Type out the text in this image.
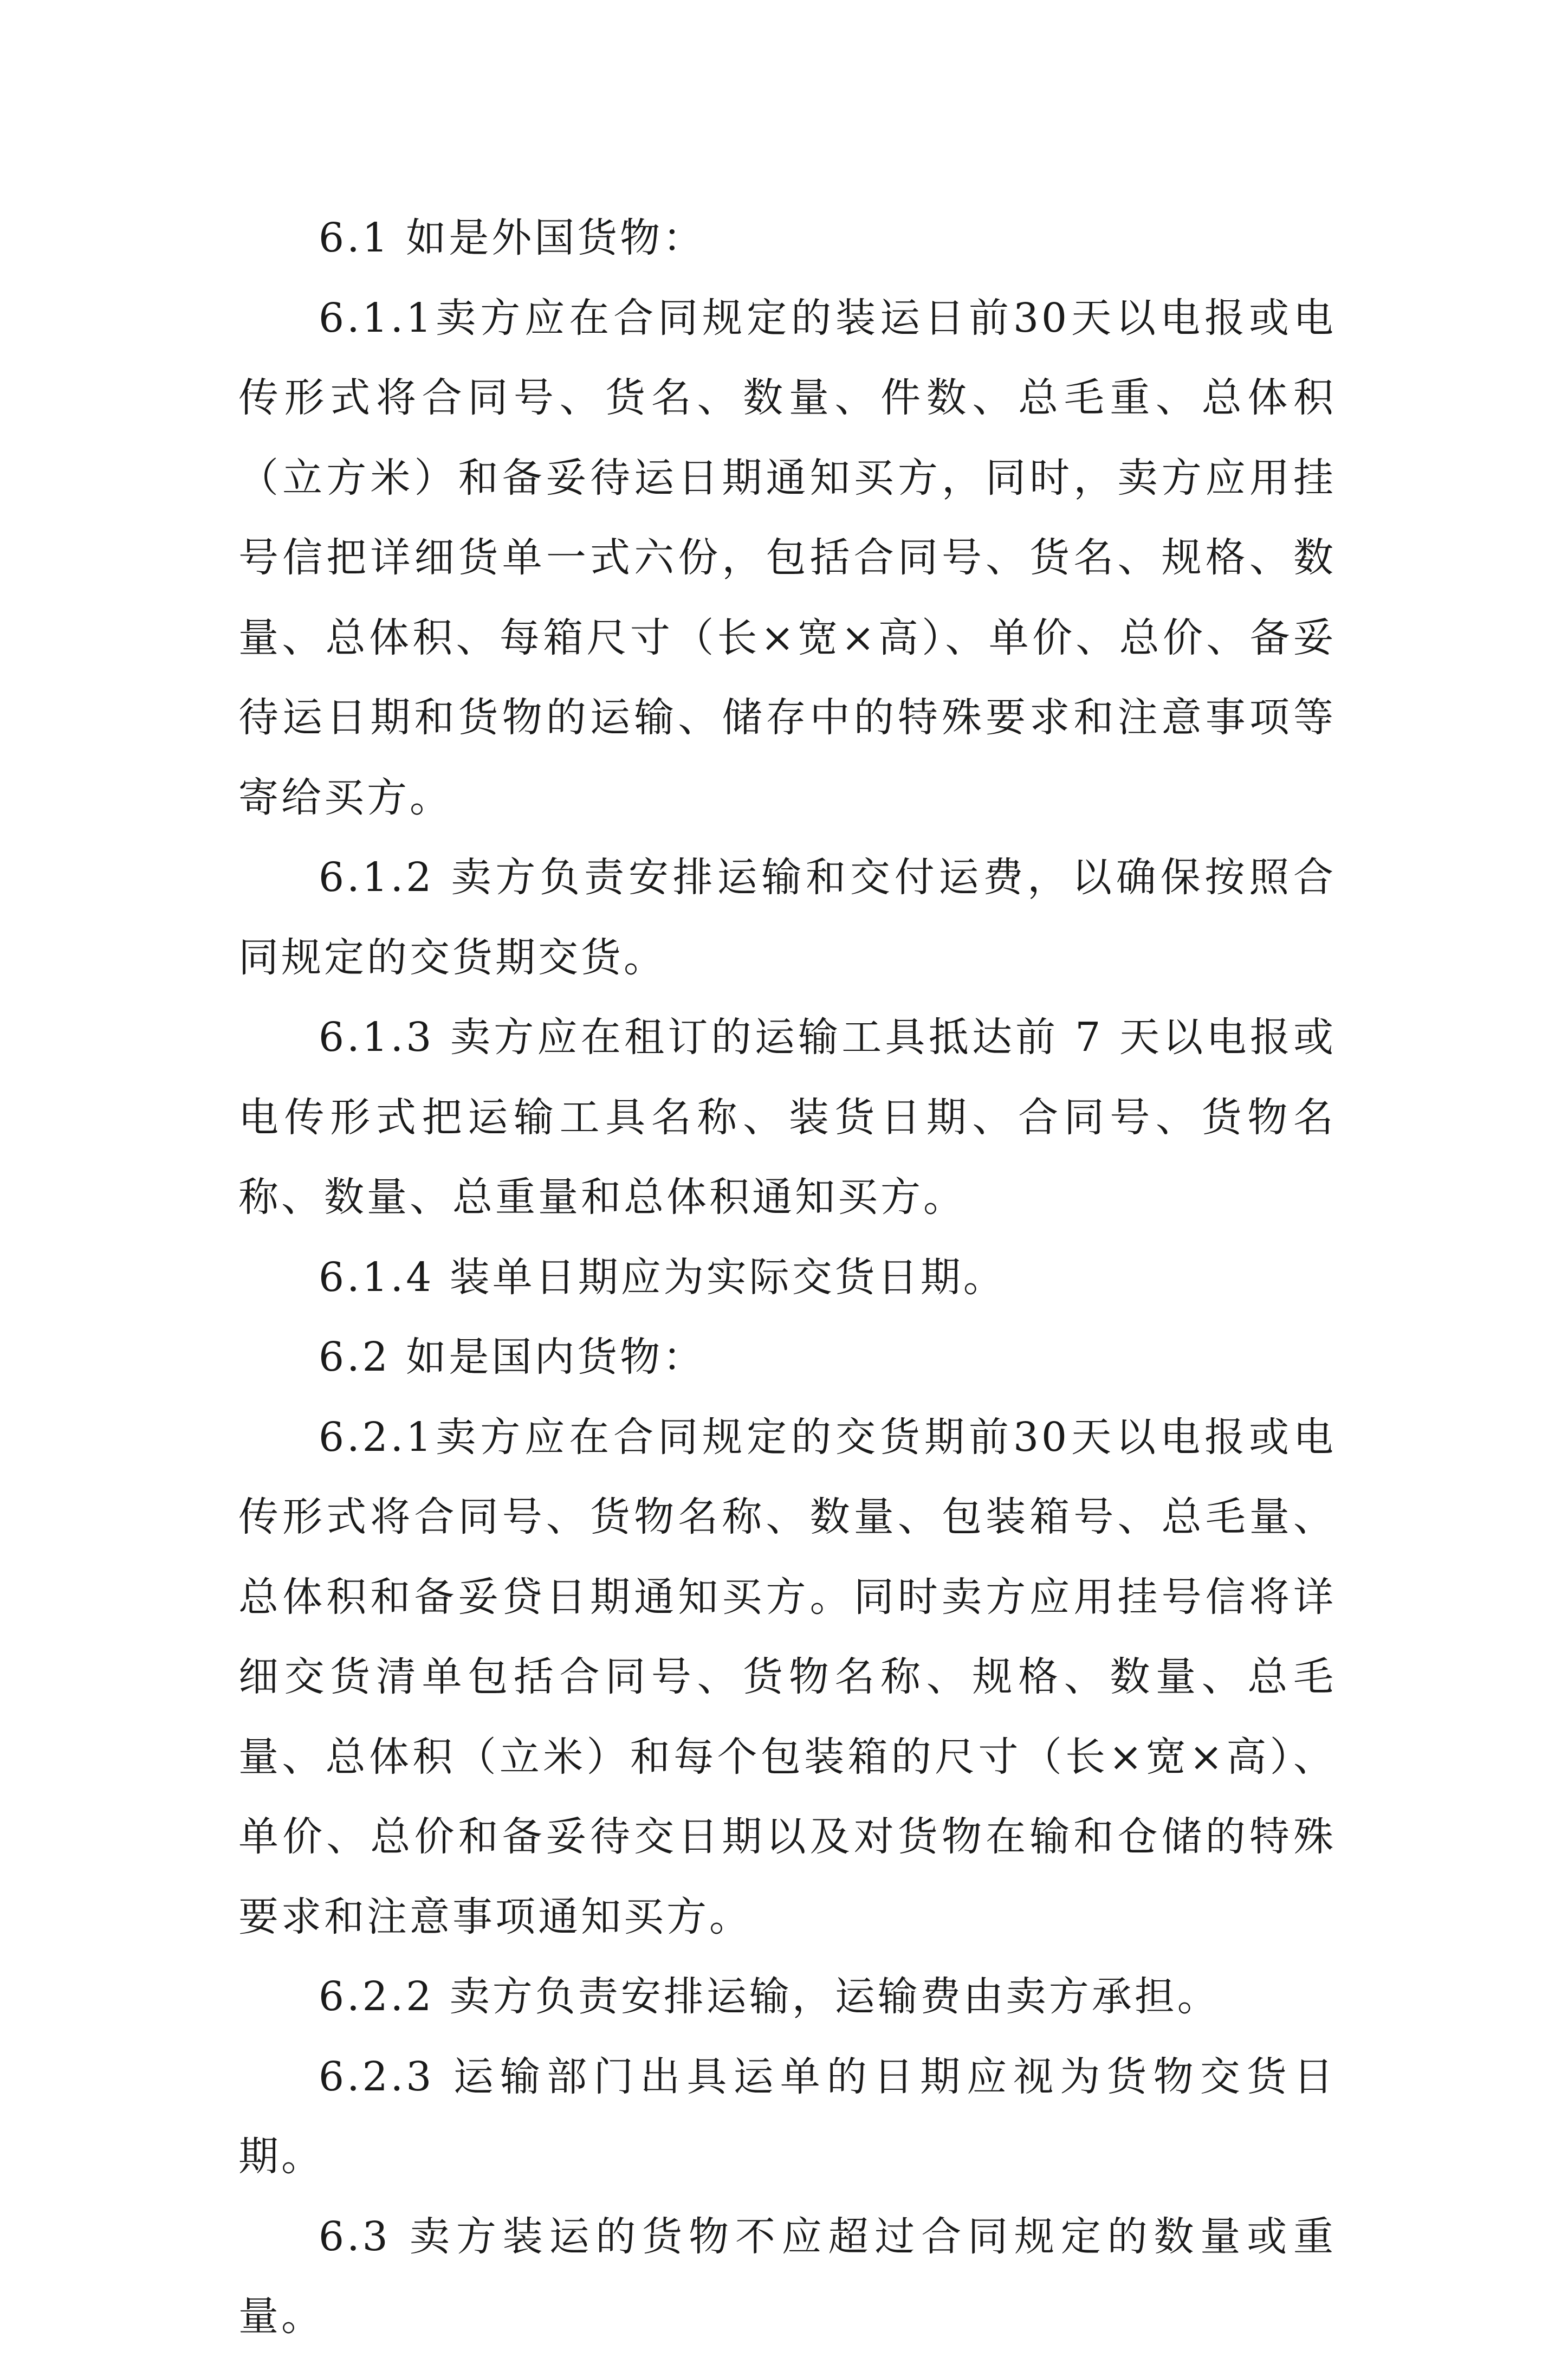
6.1 如是外国货物：

6.1.1卖方应在合同规定的装运日前30天以电报或电传形式将合同号、货名、数量、件数、总毛重、总体积（立方米）和备妥待运日期通知买方，同时，卖方应用挂号信把详细货单一式六份，包括合同号、货名、规格、数量、总体积、每箱尺寸（长×宽×高）、单价、总价、备妥待运日期和货物的运输、储存中的特殊要求和注意事项等寄给买方。

6.1.2 卖方负责安排运输和交付运费，以确保按照合同规定的交货期交货。

6.1.3 卖方应在租订的运输工具抵达前 7 天以电报或电传形式把运输工具名称、装货日期、合同号、货物名称、数量、总重量和总体积通知买方。

6.1.4 装单日期应为实际交货日期。

6.2 如是国内货物：

6.2.1卖方应在合同规定的交货期前30天以电报或电传形式将合同号、货物名称、数量、包装箱号、总毛量、总体积和备妥贷日期通知买方。同时卖方应用挂号信将详细交货清单包括合同号、货物名称、规格、数量、总毛量、总体积（立米）和每个包装箱的尺寸（长×宽×高）、单价、总价和备妥待交日期以及对货物在输和仓储的特殊要求和注意事项通知买方。

6.2.2 卖方负责安排运输，运输费由卖方承担。

6.2.3 运输部门出具运单的日期应视为货物交货日期。

6.3 卖方装运的货物不应超过合同规定的数量或重量。
